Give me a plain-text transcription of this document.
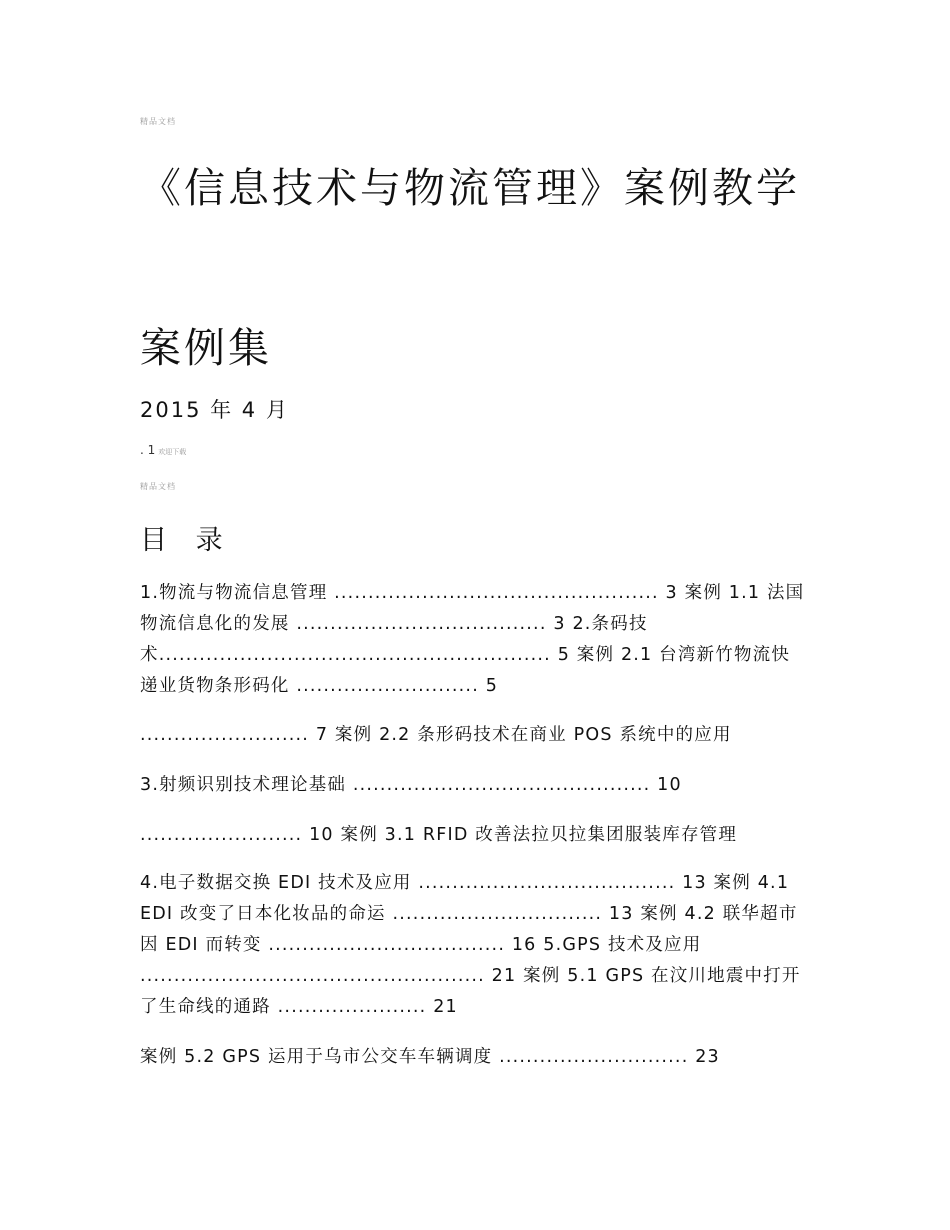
精品文档
《信息技术与物流管理》案例教学
案例集
2015 年 4 月
. 1 欢迎下载
精品文档
目 录

1.物流与物流信息管理 ................................................ 3 案例 1.1 法国物流信息化的发展 ..................................... 3 2.条码技术.......................................................... 5 案例 2.1 台湾新竹物流快递业货物条形码化 ........................... 5

......................... 7 案例 2.2 条形码技术在商业 POS 系统中的应用

3.射频识别技术理论基础 ............................................ 10

........................ 10 案例 3.1 RFID 改善法拉贝拉集团服装库存管理

4.电子数据交换 EDI 技术及应用 ...................................... 13 案例 4.1 EDI 改变了日本化妆品的命运 ............................... 13 案例 4.2 联华超市因 EDI 而转变 ................................... 16 5.GPS 技术及应用 ................................................... 21 案例 5.1 GPS 在汶川地震中打开了生命线的通路 ...................... 21

案例 5.2 GPS 运用于乌市公交车车辆调度 ............................ 23
